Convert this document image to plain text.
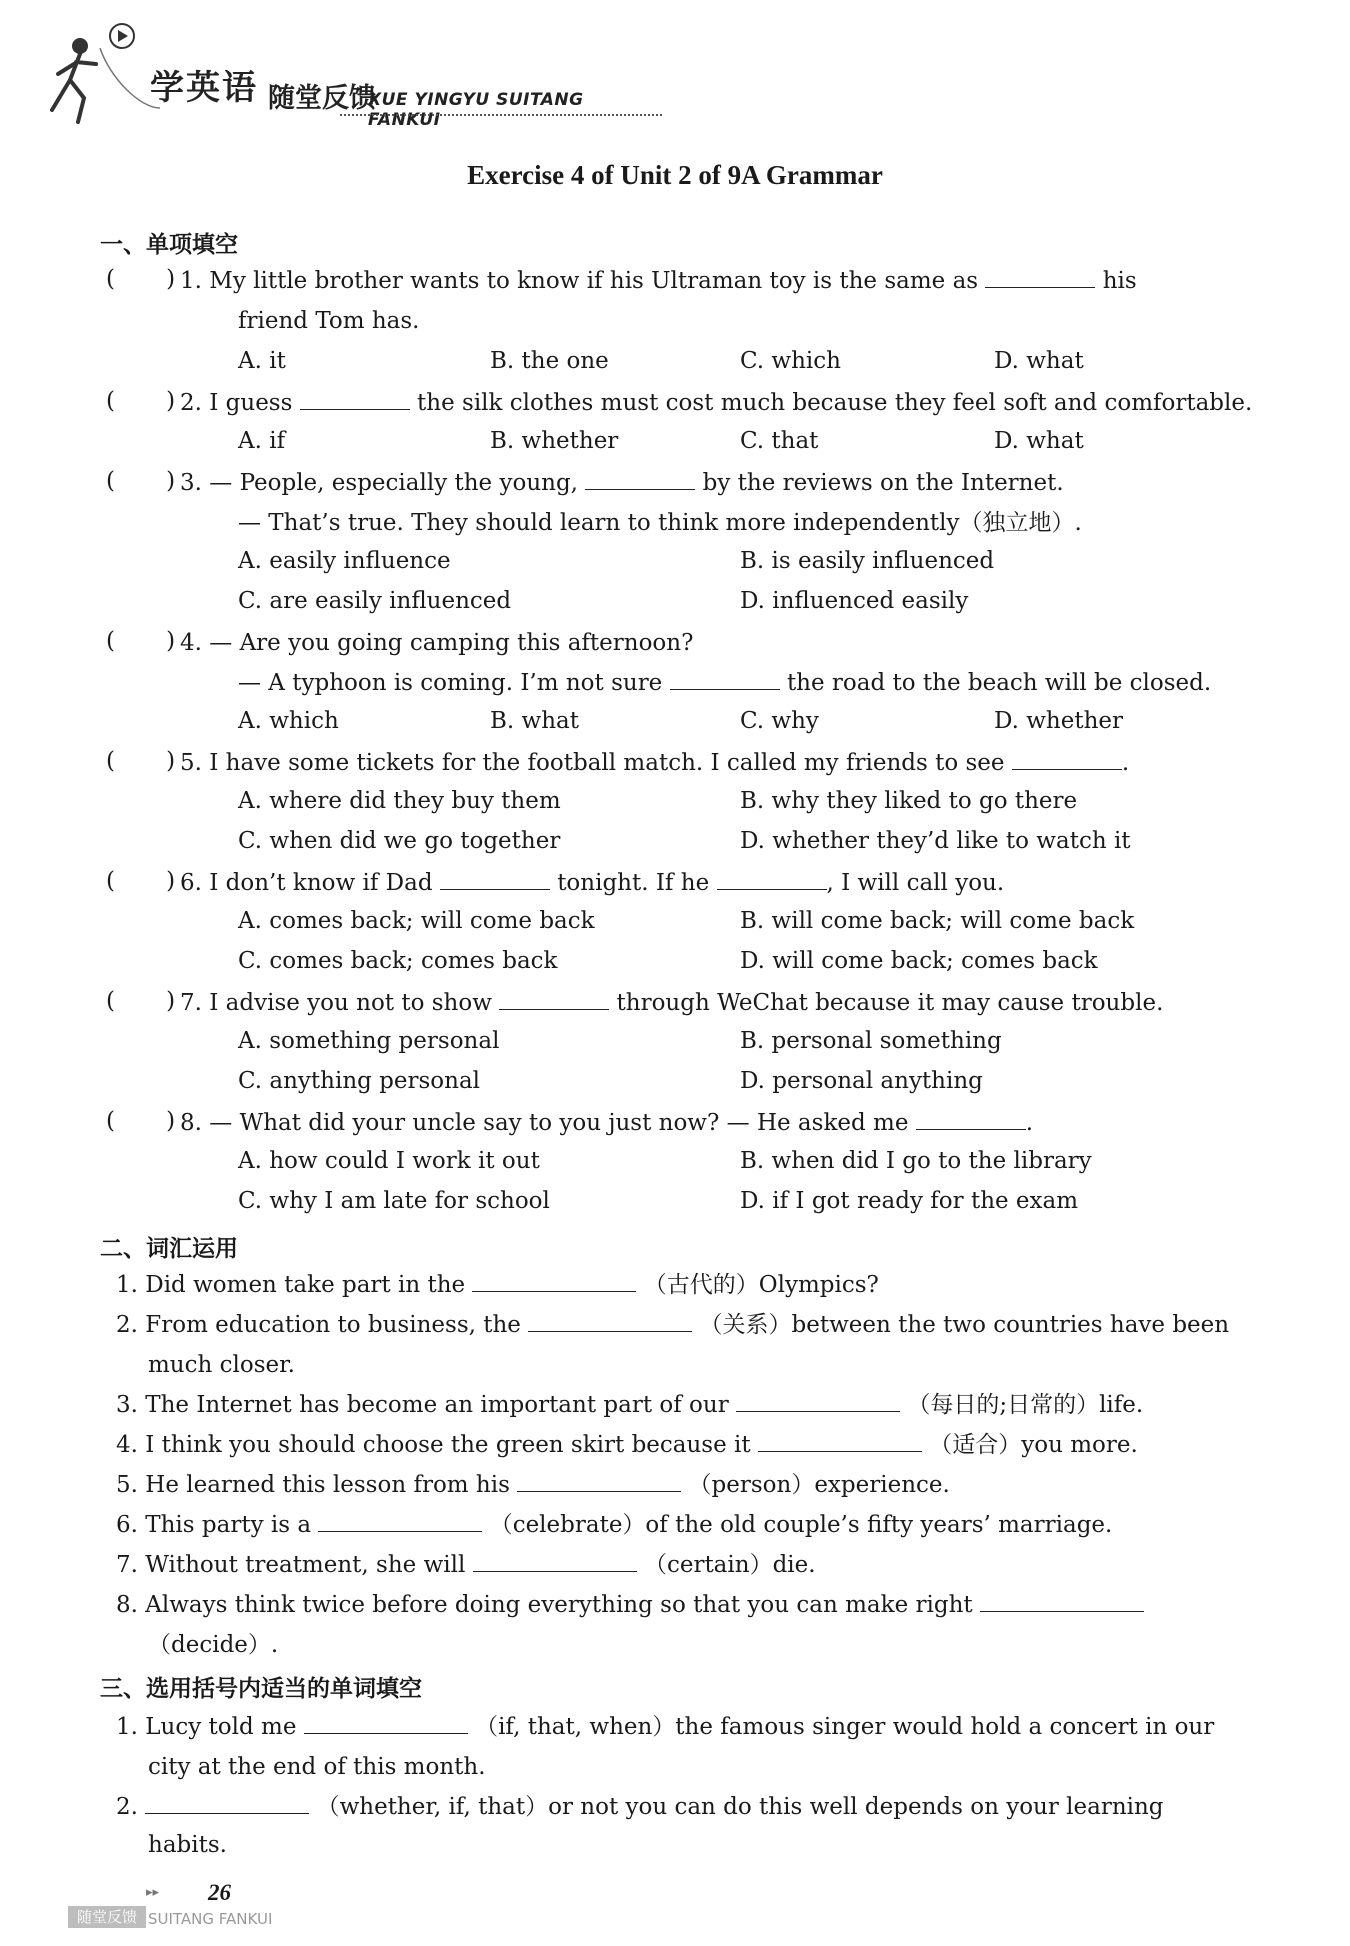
学英语 随堂反馈
XUE YINGYU SUITANG FANKUI
Exercise 4 of Unit 2 of 9A Grammar
一、单项填空
(       ) 1. My little brother wants to know if his Ultraman toy is the same as	his
friend Tom has.
A. it	B. the one	C. which	D. what
(       ) 2. I guess	the silk clothes must cost much because they feel soft and comfortable.
A. if	B. whether	C. that	D. what
(       ) 3. — People, especially the young,	by the reviews on the Internet.
— That’s true. They should learn to think more independently（独立地）.
A. easily influence	B. is easily influenced
C. are easily influenced	D. influenced easily
(       ) 4. — Are you going camping this afternoon?
— A typhoon is coming. I’m not sure	the road to the beach will be closed.
A. which	B. what	C. why	D. whether
(       ) 5. I have some tickets for the football match. I called my friends to see	.
A. where did they buy them	B. why they liked to go there
C. when did we go together	D. whether they’d like to watch it
(       ) 6. I don’t know if Dad	tonight. If he	, I will call you.
A. comes back; will come back	B. will come back; will come back
C. comes back; comes back	D. will come back; comes back
(       ) 7. I advise you not to show	through WeChat because it may cause trouble.
A. something personal	B. personal something
C. anything personal	D. personal anything
(       ) 8. — What did your uncle say to you just now? — He asked me	.
A. how could I work it out	B. when did I go to the library
C. why I am late for school	D. if I got ready for the exam
二、词汇运用
1. Did women take part in the	（古代的）Olympics?
2. From education to business, the	（关系）between the two countries have been
much closer.
3. The Internet has become an important part of our	（每日的;日常的）life.
4. I think you should choose the green skirt because it	（适合）you more.
5. He learned this lesson from his	（person）experience.
6. This party is a	（celebrate）of the old couple’s fifty years’ marriage.
7. Without treatment, she will	（certain）die.
8. Always think twice before doing everything so that you can make right
（decide）.
三、选用括号内适当的单词填空
1. Lucy told me	（if, that, when）the famous singer would hold a concert in our
city at the end of this month.
2.	（whether, if, that）or not you can do this well depends on your learning
habits.
▸▸ 26
随堂反馈 SUITANG FANKUI
